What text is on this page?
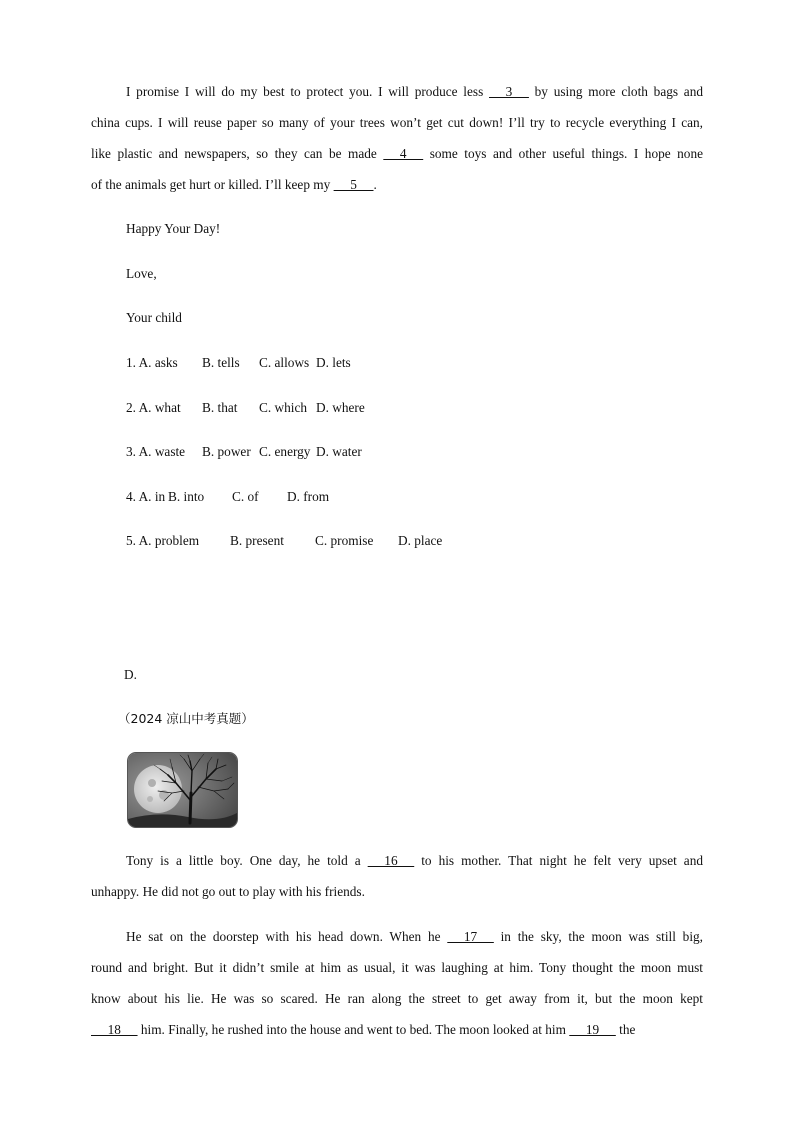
I promise I will do my best to protect you. I will produce less      3      by using more cloth bags and
china cups. I will reuse paper so many of your trees won’t get cut down! I’ll try to recycle everything I can,
like plastic and newspapers, so they can be made      4      some toys and other useful things. I hope none
of the animals get hurt or killed. I’ll keep my      5     .

Happy Your Day!

Love,

Your child

1. A. asks B. tells C. allows D. lets

2. A. what B. that C. which D. where

3. A. waste B. power C. energy D. water

4. A. in B. into C. of D. from

5. A. problem B. present C. promise D. place

D.

（2024 凉山中考真题）

Tony is a little boy. One day, he told a      16      to his mother. That night he felt very upset and
unhappy. He did not go out to play with his friends.
He sat on the doorstep with his head down. When he      17      in the sky, the moon was still big,
round and bright. But it didn’t smile at him as usual, it was laughing at him. Tony thought the moon must
know about his lie. He was so scared. He ran along the street to get away from it, but the moon kept
18      him. Finally, he rushed into the house and went to bed. The moon looked at him      19      the
